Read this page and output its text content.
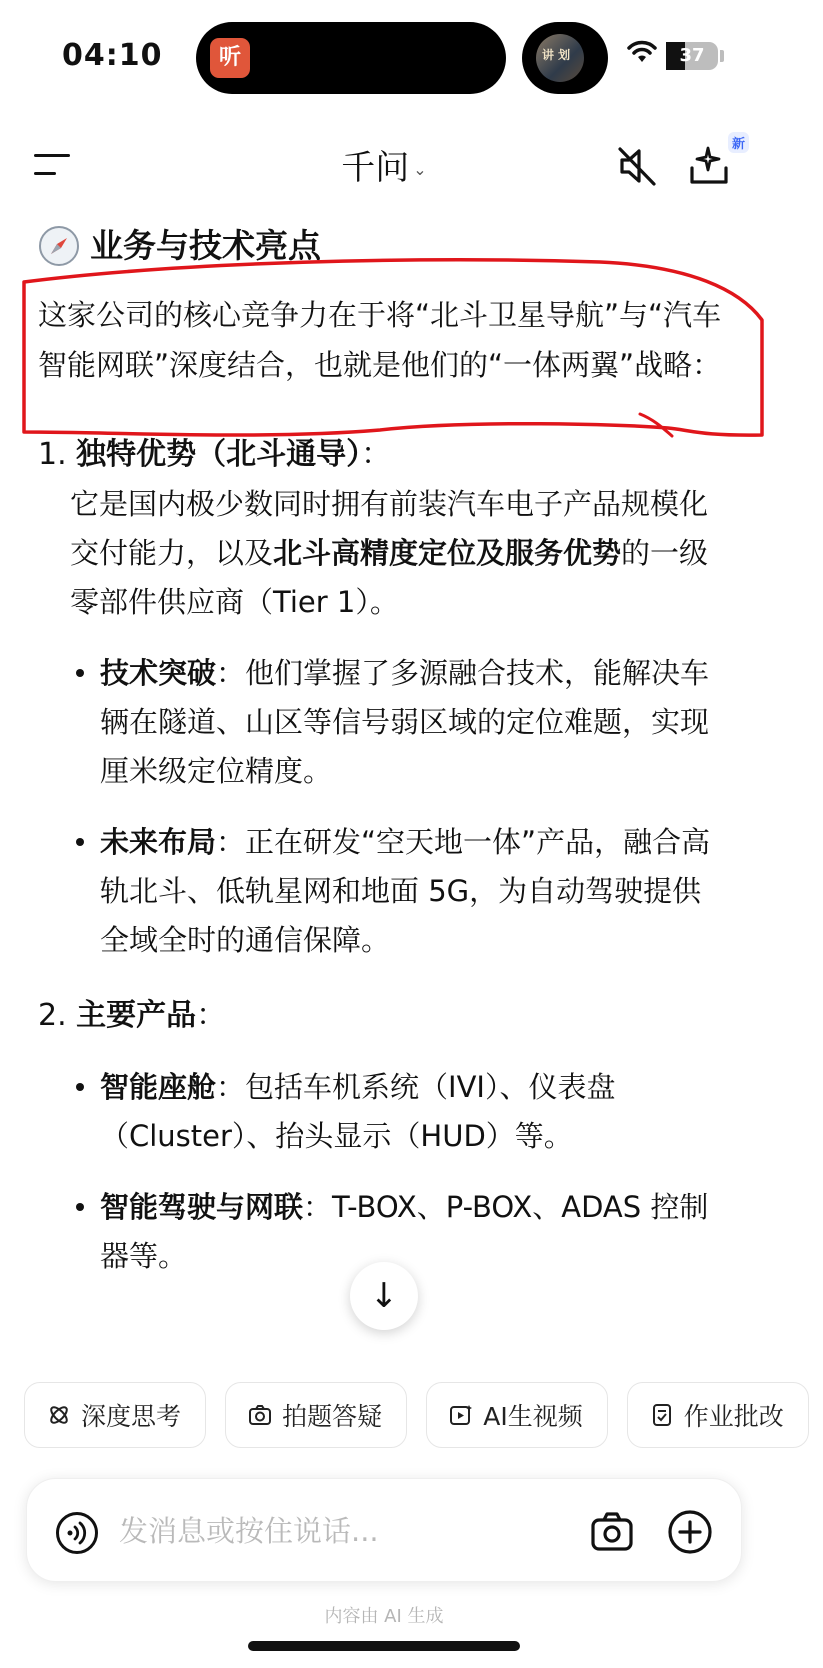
04:10	听	讲 划	37
千问 ⌄
新
业务与技术亮点
这家公司的核心竞争力在于将“北斗卫星导航”与“汽车智能网联”深度结合，也就是他们的“一体两翼”战略：
1. 独特优势（北斗通导）：
它是国内极少数同时拥有前装汽车电子产品规模化交付能力，以及北斗高精度定位及服务优势的一级零部件供应商（Tier 1）。
技术突破：他们掌握了多源融合技术，能解决车辆在隧道、山区等信号弱区域的定位难题，实现厘米级定位精度。
未来布局：正在研发“空天地一体”产品，融合高轨北斗、低轨星网和地面 5G，为自动驾驶提供全域全时的通信保障。
2. 主要产品：
智能座舱：包括车机系统（IVI）、仪表盘（Cluster）、抬头显示（HUD）等。
智能驾驶与网联：T-BOX、P-BOX、ADAS 控制器等。
↓
深度思考
	拍题答疑
	AI生视频
	作业批改
发消息或按住说话...
内容由 AI 生成
